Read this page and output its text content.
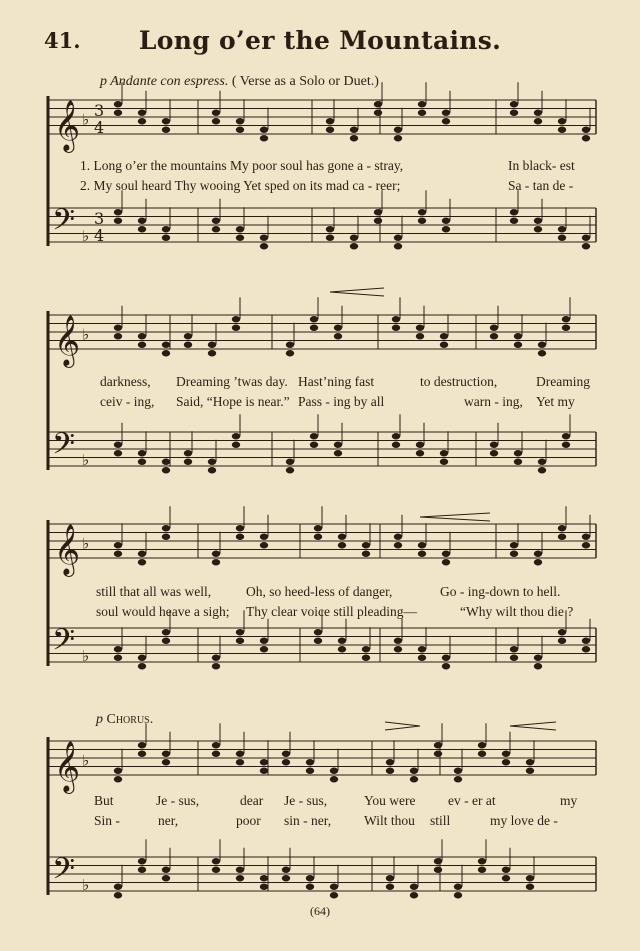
41.	Long o’er the Mountains.
p Andante con espress. ( Verse as a Solo or Duet.)
𝄞 ♭ 3
4
𝄢 ♭
3
4
𝄞 ♭
𝄢 ♭
𝄞 ♭
𝄢 ♭
𝄞 ♭
𝄢 ♭
1. Long o’er the mountains My poor soul has gone a - stray,	In black- est
2. My soul heard Thy wooing Yet sped on its mad ca - reer;	Sa - tan de -
darkness, Dreaming ’twas day. Hast’ning fast	to destruction,	Dreaming
ceiv - ing, Said, “Hope is near.” Pass - ing by all	warn - ing, Yet my
still that all was well,	Oh, so heed-less of danger,	Go - ing-down to hell.
soul would heave a sigh; Thy clear voice still pleading—	“Why wilt thou die ?
p Chorus.
But	Je - sus,	dear Je - sus,	You were ev - er at	my
Sin -	ner,	poor sin - ner, Wilt thou still	my love de -
(64)
